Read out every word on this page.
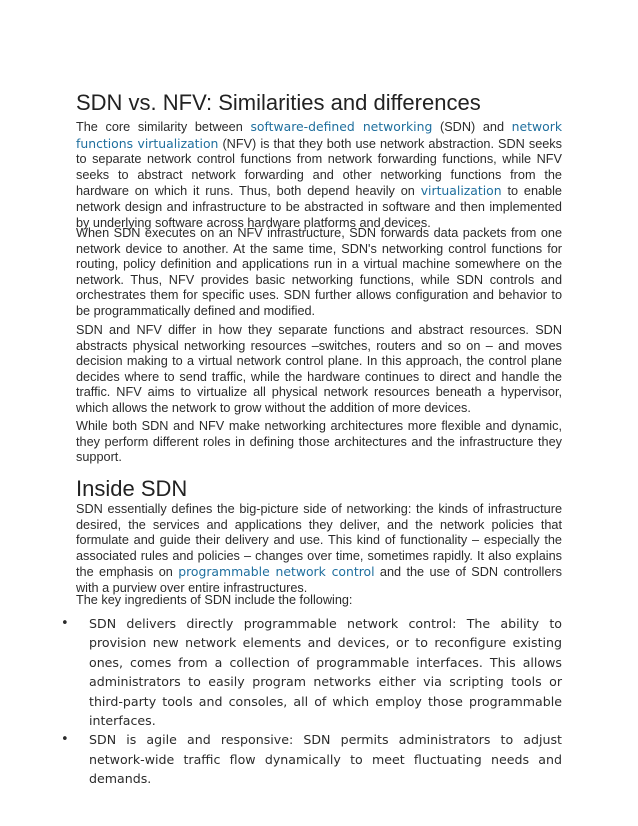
SDN vs. NFV: Similarities and differences

The core similarity between software-defined networking (SDN) and network functions virtualization (NFV) is that they both use network abstraction. SDN seeks to separate network control functions from network forwarding functions, while NFV seeks to abstract network forwarding and other networking functions from the hardware on which it runs. Thus, both depend heavily on virtualization to enable network design and infrastructure to be abstracted in software and then implemented by underlying software across hardware platforms and devices.

When SDN executes on an NFV infrastructure, SDN forwards data packets from one network device to another. At the same time, SDN's networking control functions for routing, policy definition and applications run in a virtual machine somewhere on the network. Thus, NFV provides basic networking functions, while SDN controls and orchestrates them for specific uses. SDN further allows configuration and behavior to be programmatically defined and modified.

SDN and NFV differ in how they separate functions and abstract resources. SDN abstracts physical networking resources –switches, routers and so on – and moves decision making to a virtual network control plane. In this approach, the control plane decides where to send traffic, while the hardware continues to direct and handle the traffic. NFV aims to virtualize all physical network resources beneath a hypervisor, which allows the network to grow without the addition of more devices.

While both SDN and NFV make networking architectures more flexible and dynamic, they perform different roles in defining those architectures and the infrastructure they support.

Inside SDN

SDN essentially defines the big-picture side of networking: the kinds of infrastructure desired, the services and applications they deliver, and the network policies that formulate and guide their delivery and use. This kind of functionality – especially the associated rules and policies – changes over time, sometimes rapidly. It also explains the emphasis on programmable network control and the use of SDN controllers with a purview over entire infrastructures.

The key ingredients of SDN include the following:

• SDN delivers directly programmable network control: The ability to provision new network elements and devices, or to reconfigure existing ones, comes from a collection of programmable interfaces. This allows administrators to easily program networks either via scripting tools or third-party tools and consoles, all of which employ those programmable interfaces.
• SDN is agile and responsive: SDN permits administrators to adjust network-wide traffic flow dynamically to meet fluctuating needs and demands.
